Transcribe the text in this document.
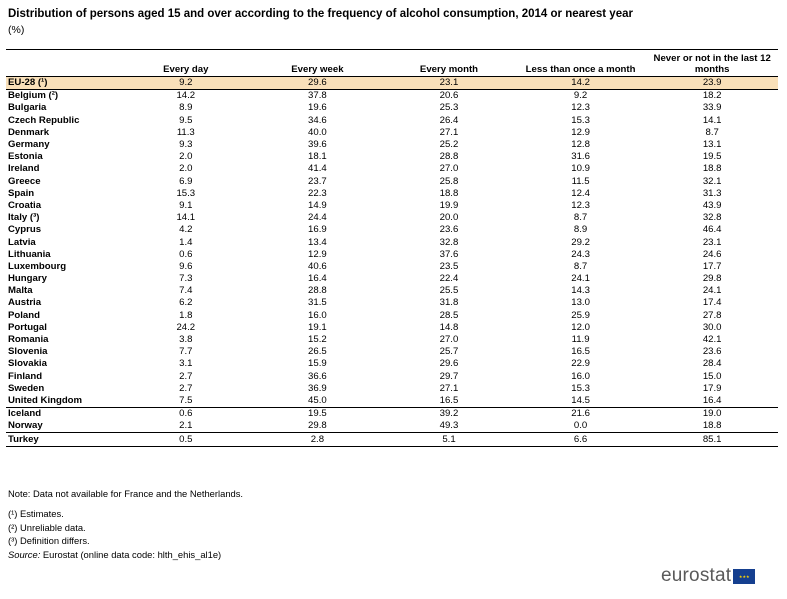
Distribution of persons aged 15 and over according to the frequency of alcohol consumption, 2014 or nearest year
(%)
	Every day	Every week	Every month	Less than once a month	Never or not in the last 12 months
EU-28 (¹)	9.2	29.6	23.1	14.2	23.9
Belgium (²)	14.2	37.8	20.6	9.2	18.2
Bulgaria	8.9	19.6	25.3	12.3	33.9
Czech Republic	9.5	34.6	26.4	15.3	14.1
Denmark	11.3	40.0	27.1	12.9	8.7
Germany	9.3	39.6	25.2	12.8	13.1
Estonia	2.0	18.1	28.8	31.6	19.5
Ireland	2.0	41.4	27.0	10.9	18.8
Greece	6.9	23.7	25.8	11.5	32.1
Spain	15.3	22.3	18.8	12.4	31.3
Croatia	9.1	14.9	19.9	12.3	43.9
Italy (³)	14.1	24.4	20.0	8.7	32.8
Cyprus	4.2	16.9	23.6	8.9	46.4
Latvia	1.4	13.4	32.8	29.2	23.1
Lithuania	0.6	12.9	37.6	24.3	24.6
Luxembourg	9.6	40.6	23.5	8.7	17.7
Hungary	7.3	16.4	22.4	24.1	29.8
Malta	7.4	28.8	25.5	14.3	24.1
Austria	6.2	31.5	31.8	13.0	17.4
Poland	1.8	16.0	28.5	25.9	27.8
Portugal	24.2	19.1	14.8	12.0	30.0
Romania	3.8	15.2	27.0	11.9	42.1
Slovenia	7.7	26.5	25.7	16.5	23.6
Slovakia	3.1	15.9	29.6	22.9	28.4
Finland	2.7	36.6	29.7	16.0	15.0
Sweden	2.7	36.9	27.1	15.3	17.9
United Kingdom	7.5	45.0	16.5	14.5	16.4
Iceland	0.6	19.5	39.2	21.6	19.0
Norway	2.1	29.8	49.3	0.0	18.8
Turkey	0.5	2.8	5.1	6.6	85.1
Note: Data not available for France and the Netherlands.
(¹) Estimates.
(²) Unreliable data.
(³) Definition differs.
Source: Eurostat (online data code: hlth_ehis_al1e)
eurostat	★★★
